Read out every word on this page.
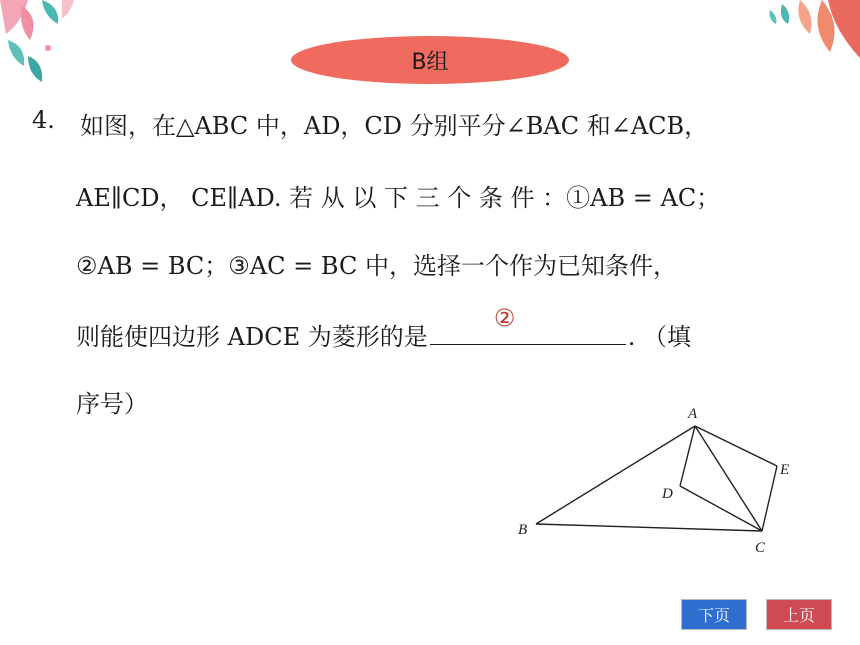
B组
4. 如图，在△ABC 中，AD，CD 分别平分∠BAC 和∠ACB，
AE∥CD， CE∥AD. 若 从 以 下 三 个 条 件 ：①AB = AC；
②AB = BC；③AC = BC 中，选择一个作为已知条件，
则能使四边形 ADCE 为菱形的是
②
. （填
序号）	A
B
C
D
E
下页	上页
